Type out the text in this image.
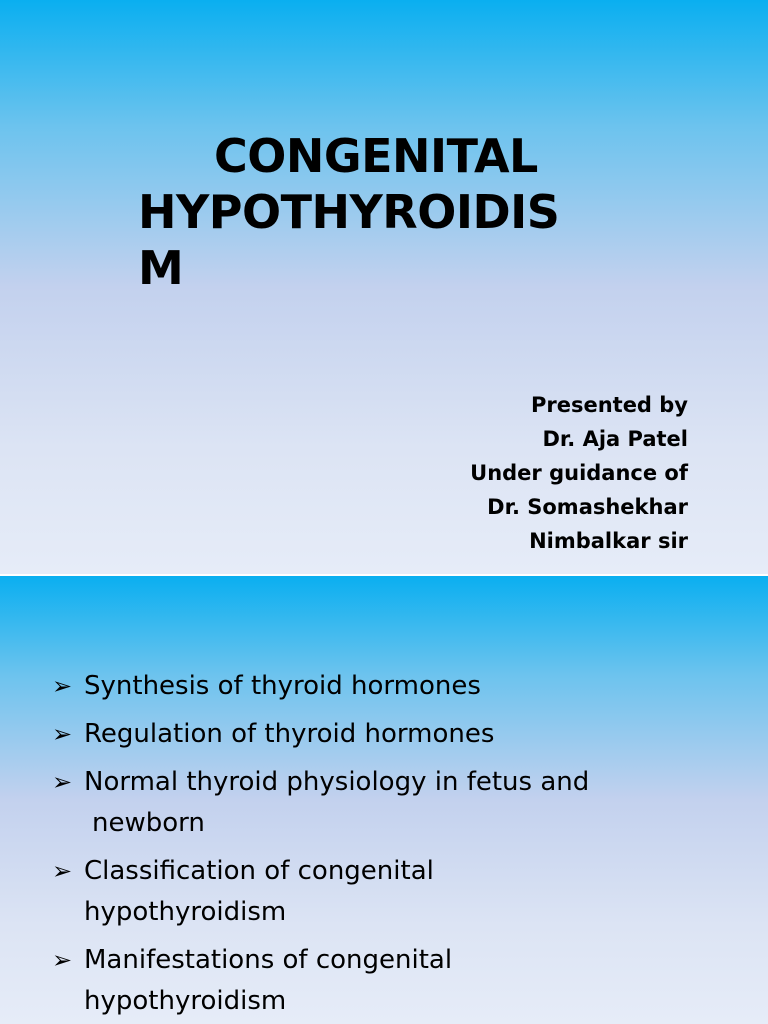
CONGENITAL
HYPOTHYROIDIS
M
Presented by
Dr. Aja Patel
Under guidance of
Dr. Somashekhar
Nimbalkar sir
➢ Synthesis of thyroid hormones
➢ Regulation of thyroid hormones
➢ Normal thyroid physiology in fetus and
newborn
➢ Classification of congenital
hypothyroidism
➢ Manifestations of congenital
hypothyroidism
